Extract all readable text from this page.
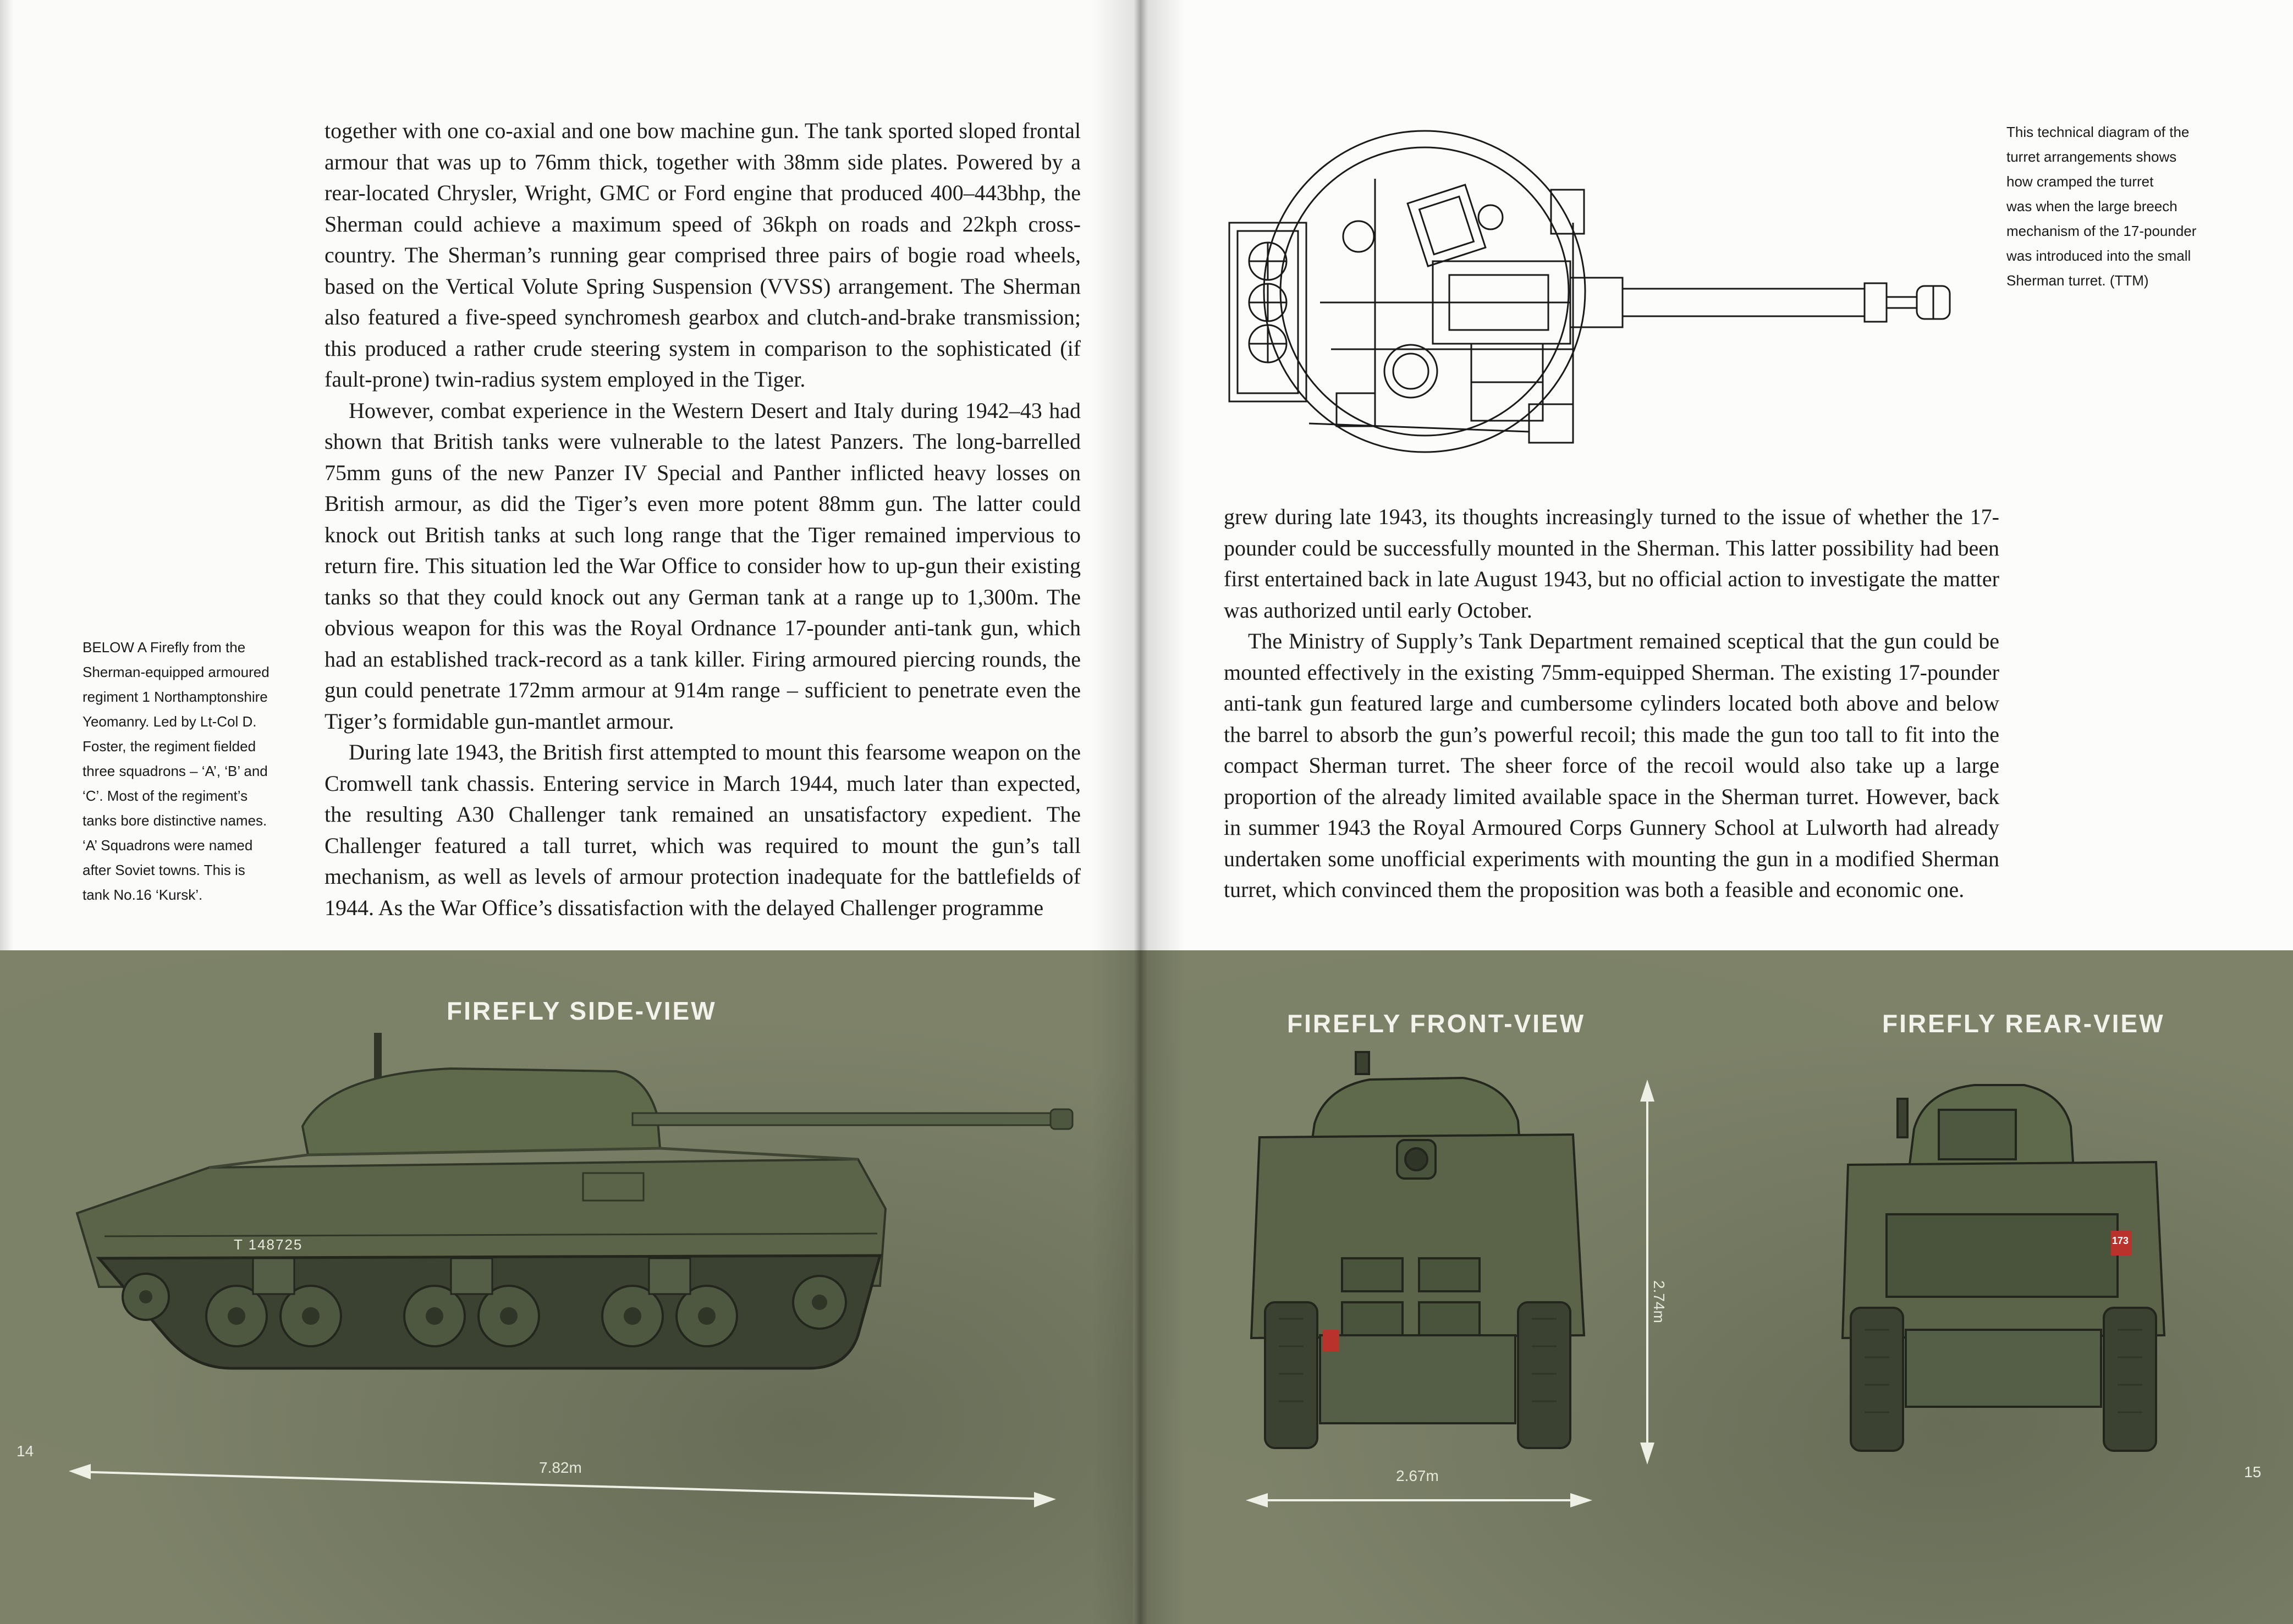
together with one co-axial and one bow machine gun. The tank sported sloped frontal armour that was up to 76mm thick, together with 38mm side plates. Powered by a rear-located Chrysler, Wright, GMC or Ford engine that produced 400–443bhp, the Sherman could achieve a maximum speed of 36kph on roads and 22kph cross-country. The Sherman’s running gear comprised three pairs of bogie road wheels, based on the Vertical Volute Spring Suspension (VVSS) arrangement. The Sherman also featured a five-speed synchromesh gearbox and clutch-and-brake transmission; this produced a rather crude steering system in comparison to the sophisticated (if fault-prone) twin-radius system employed in the Tiger.

However, combat experience in the Western Desert and Italy during 1942–43 had shown that British tanks were vulnerable to the latest Panzers. The long-barrelled 75mm guns of the new Panzer IV Special and Panther inflicted heavy losses on British armour, as did the Tiger’s even more potent 88mm gun. The latter could knock out British tanks at such long range that the Tiger remained impervious to return fire. This situation led the War Office to consider how to up-gun their existing tanks so that they could knock out any German tank at a range up to 1,300m. The obvious weapon for this was the Royal Ordnance 17-pounder anti-tank gun, which had an established track-record as a tank killer. Firing armoured piercing rounds, the gun could penetrate 172mm armour at 914m range – sufficient to penetrate even the Tiger’s formidable gun-mantlet armour.

During late 1943, the British first attempted to mount this fearsome weapon on the Cromwell tank chassis. Entering service in March 1944, much later than expected, the resulting A30 Challenger tank remained an unsatisfactory expedient. The Challenger featured a tall turret, which was required to mount the gun’s tall mechanism, as well as levels of armour protection inadequate for the battlefields of 1944. As the War Office’s dissatisfaction with the delayed Challenger programme

BELOW A Firefly from the
Sherman-equipped armoured
regiment 1 Northamptonshire
Yeomanry. Led by Lt-Col D.
Foster, the regiment fielded
three squadrons – ‘A’, ‘B’ and
‘C’. Most of the regiment’s
tanks bore distinctive names.
‘A’ Squadrons were named
after Soviet towns. This is
tank No.16 ‘Kursk’.
FIREFLY SIDE-VIEW
T 148725
7.82m
14
This technical diagram of the
turret arrangements shows
how cramped the turret
was when the large breech
mechanism of the 17-pounder
was introduced into the small
Sherman turret. (TTM)

grew during late 1943, its thoughts increasingly turned to the issue of whether the 17-pounder could be successfully mounted in the Sherman. This latter possibility had been first entertained back in late August 1943, but no official action to investigate the matter was authorized until early October.

The Ministry of Supply’s Tank Department remained sceptical that the gun could be mounted effectively in the existing 75mm-equipped Sherman. The existing 17-pounder anti-tank gun featured large and cumbersome cylinders located both above and below the barrel to absorb the gun’s powerful recoil; this made the gun too tall to fit into the compact Sherman turret. The sheer force of the recoil would also take up a large proportion of the already limited available space in the Sherman turret. However, back in summer 1943 the Royal Armoured Corps Gunnery School at Lulworth had already undertaken some unofficial experiments with mounting the gun in a modified Sherman turret, which convinced them the proposition was both a feasible and economic one.

FIREFLY FRONT-VIEW	FIREFLY REAR-VIEW
173
2.74m
2.67m	15
